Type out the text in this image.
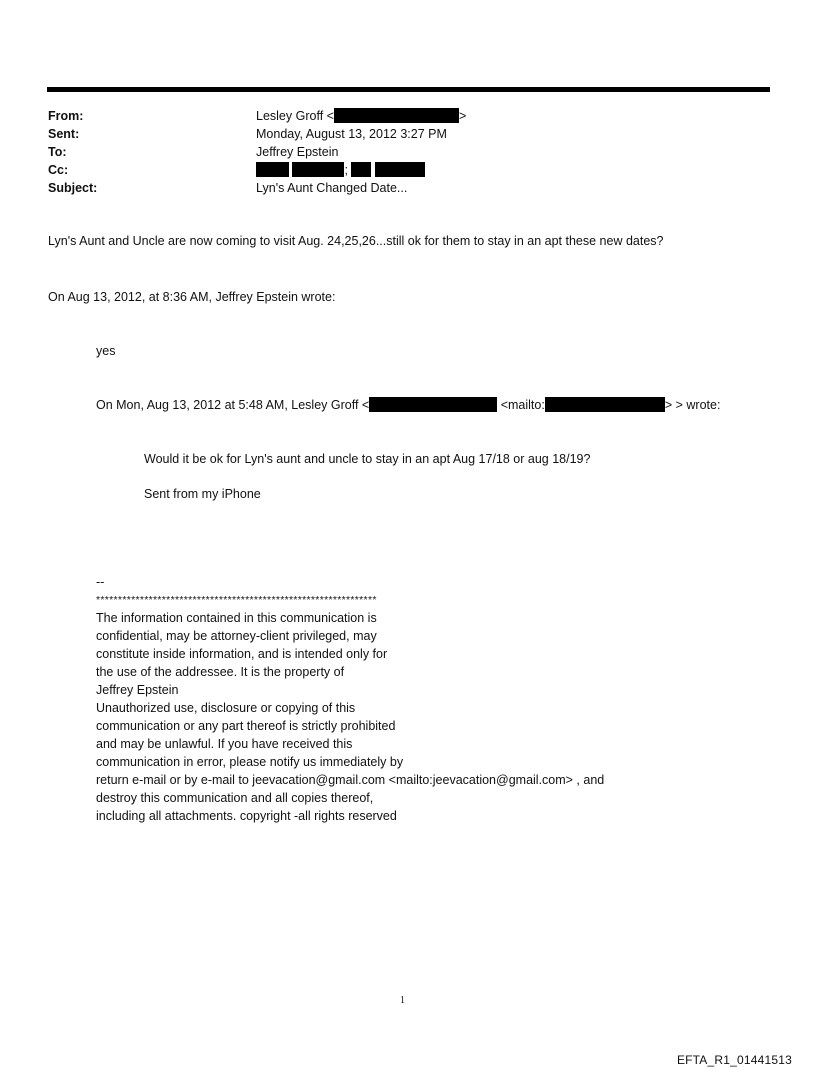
From:	Lesley Groff <	>
Sent:	Monday, August 13, 2012 3:27 PM
To:	Jeffrey Epstein
Cc:	;
Subject:	Lyn's Aunt Changed Date...
Lyn's Aunt and Uncle are now coming to visit Aug. 24,25,26...still ok for them to stay in an apt these new dates?
On Aug 13, 2012, at 8:36 AM, Jeffrey Epstein wrote:
yes
On Mon, Aug 13, 2012 at 5:48 AM, Lesley Groff <	<mailto:	> > wrote:
Would it be ok for Lyn's aunt and uncle to stay in an apt Aug 17/18 or aug 18/19?
Sent from my iPhone
--
****************************************************************
The information contained in this communication is
confidential, may be attorney-client privileged, may
constitute inside information, and is intended only for
the use of the addressee. It is the property of
Jeffrey Epstein
Unauthorized use, disclosure or copying of this
communication or any part thereof is strictly prohibited
and may be unlawful. If you have received this
communication in error, please notify us immediately by
return e-mail or by e-mail to jeevacation@gmail.com <mailto:jeevacation@gmail.com> , and
destroy this communication and all copies thereof,
including all attachments. copyright -all rights reserved
1
EFTA_R1_01441513
